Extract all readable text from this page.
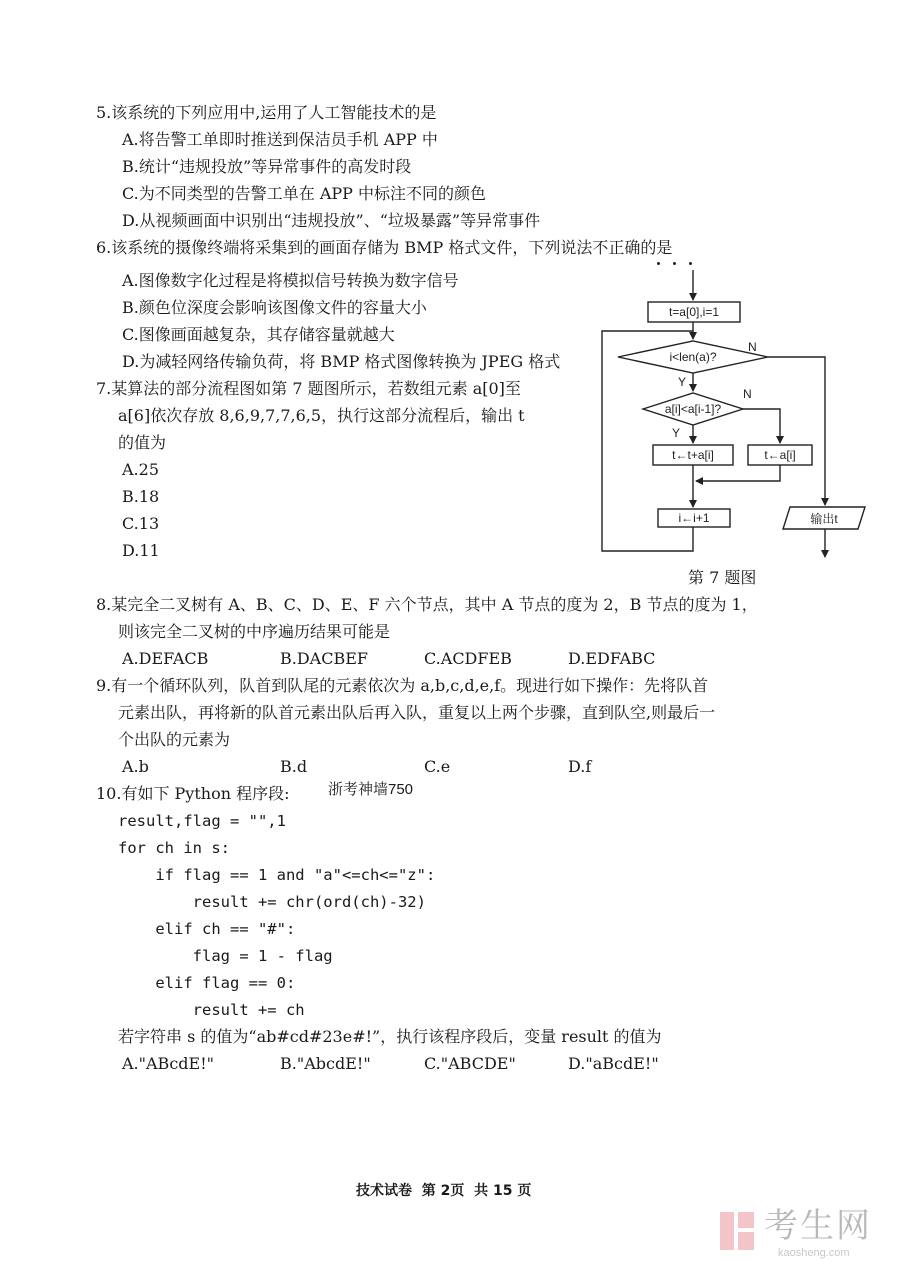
5.该系统的下列应用中,运用了人工智能技术的是
A.将告警工单即时推送到保洁员手机 APP 中
B.统计“违规投放”等异常事件的高发时段
C.为不同类型的告警工单在 APP 中标注不同的颜色
D.从视频画面中识别出“违规投放”、“垃圾暴露”等异常事件
6.该系统的摄像终端将采集到的画面存储为 BMP 格式文件，下列说法不正确的是
A.图像数字化过程是将模拟信号转换为数字信号
B.颜色位深度会影响该图像文件的容量大小
C.图像画面越复杂，其存储容量就越大
D.为减轻网络传输负荷，将 BMP 格式图像转换为 JPEG 格式
7.某算法的部分流程图如第 7 题图所示，若数组元素 a[0]至
a[6]依次存放 8,6,9,7,7,6,5，执行这部分流程后，输出 t
的值为
A.25
B.18
C.13
D.11
t=a[0],i=1
i<len(a)?
N
Y
a[i]<a[i-1]?
N
Y
t←t+a[i]	t←a[i]
i←i+1	输出t
第 7 题图
8.某完全二叉树有 A、B、C、D、E、F 六个节点，其中 A 节点的度为 2，B 节点的度为 1，
则该完全二叉树的中序遍历结果可能是
A.DEFACB	B.DACBEF	C.ACDFEB	D.EDFABC
9.有一个循环队列，队首到队尾的元素依次为 a,b,c,d,e,f。现进行如下操作：先将队首
元素出队，再将新的队首元素出队后再入队，重复以上两个步骤，直到队空,则最后一
个出队的元素为
A.b	B.d	C.e	D.f
10.有如下 Python 程序段:	浙考神墙750
result,flag = "",1
for ch in s:
if flag == 1 and "a"<=ch<="z":
result += chr(ord(ch)-32)
elif ch == "#":
flag = 1 - flag
elif flag == 0:
result += ch
若字符串 s 的值为“ab#cd#23e#!”，执行该程序段后，变量 result 的值为
A."ABcdE!"	B."AbcdE!"	C."ABCDE"	D."aBcdE!"
技术试卷  第 2页  共 15 页
考生网
kaosheng.com
